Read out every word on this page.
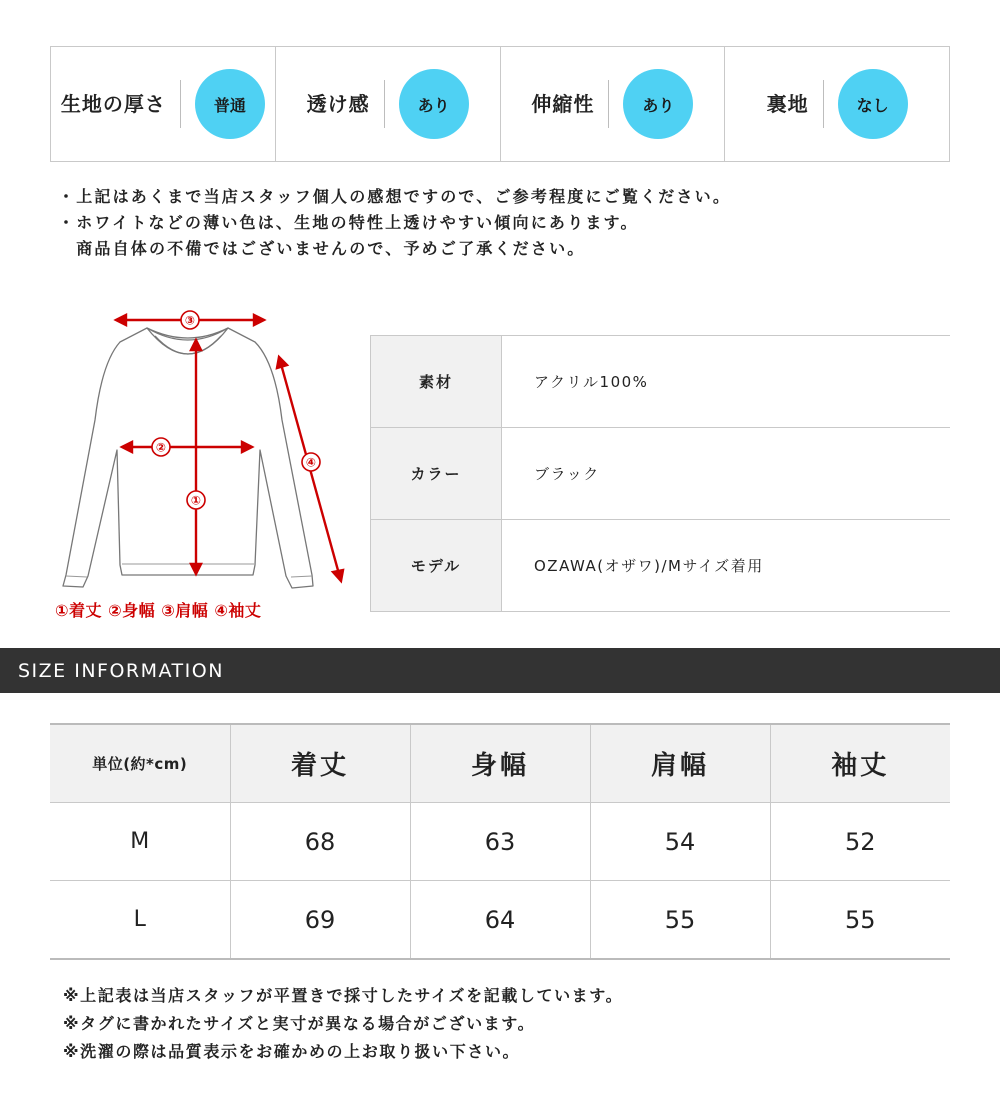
生地の厚さ	普通	透け感	あり	伸縮性	あり	裏地	なし
・上記はあくまで当店スタッフ個人の感想ですので、ご参考程度にご覧ください。
・ホワイトなどの薄い色は、生地の特性上透けやすい傾向にあります。
　商品自体の不備ではございませんので、予めご了承ください。
③
②
①
④
①着丈 ②身幅 ③肩幅 ④袖丈
素材	アクリル100%
カラー	ブラック
モデル	OZAWA(オザワ)/Mサイズ着用
SIZE INFORMATION
単位(約*cm)	着丈	身幅	肩幅	袖丈
M	68	63	54	52
L	69	64	55	55
※上記表は当店スタッフが平置きで採寸したサイズを記載しています。
※タグに書かれたサイズと実寸が異なる場合がございます。
※洗濯の際は品質表示をお確かめの上お取り扱い下さい。
